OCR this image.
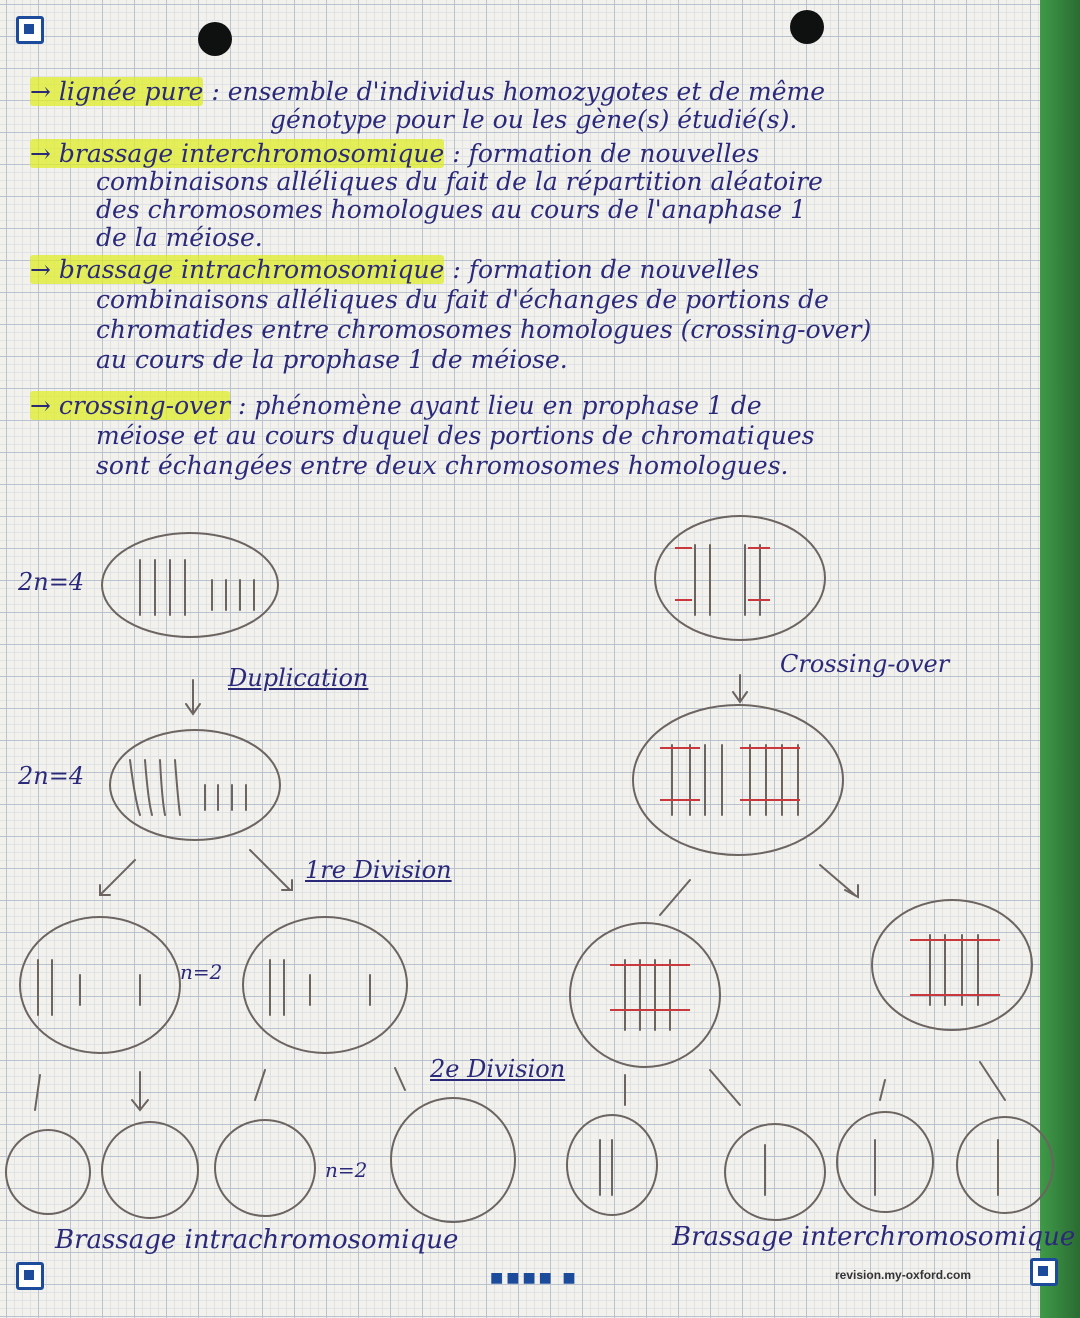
→ lignée pure : ensemble d'individus homozygotes et de même
génotype pour le ou les gène(s) étudié(s).
→ brassage interchromosomique : formation de nouvelles
combinaisons alléliques du fait de la répartition aléatoire
des chromosomes homologues au cours de l'anaphase 1
de la méiose.
→ brassage intrachromosomique : formation de nouvelles
combinaisons alléliques du fait d'échanges de portions de
chromatides entre chromosomes homologues (crossing-over)
au cours de la prophase 1 de méiose.
→ crossing-over : phénomène ayant lieu en prophase 1 de
méiose et au cours duquel des portions de chromatiques
sont échangées entre deux chromosomes homologues.
2n=4
2n=4
n=2
n=2
Duplication
1re Division
2e Division
Crossing-over
Brassage intrachromosomique	Brassage interchromosomique
■■■■ ■	revision.my-oxford.com
